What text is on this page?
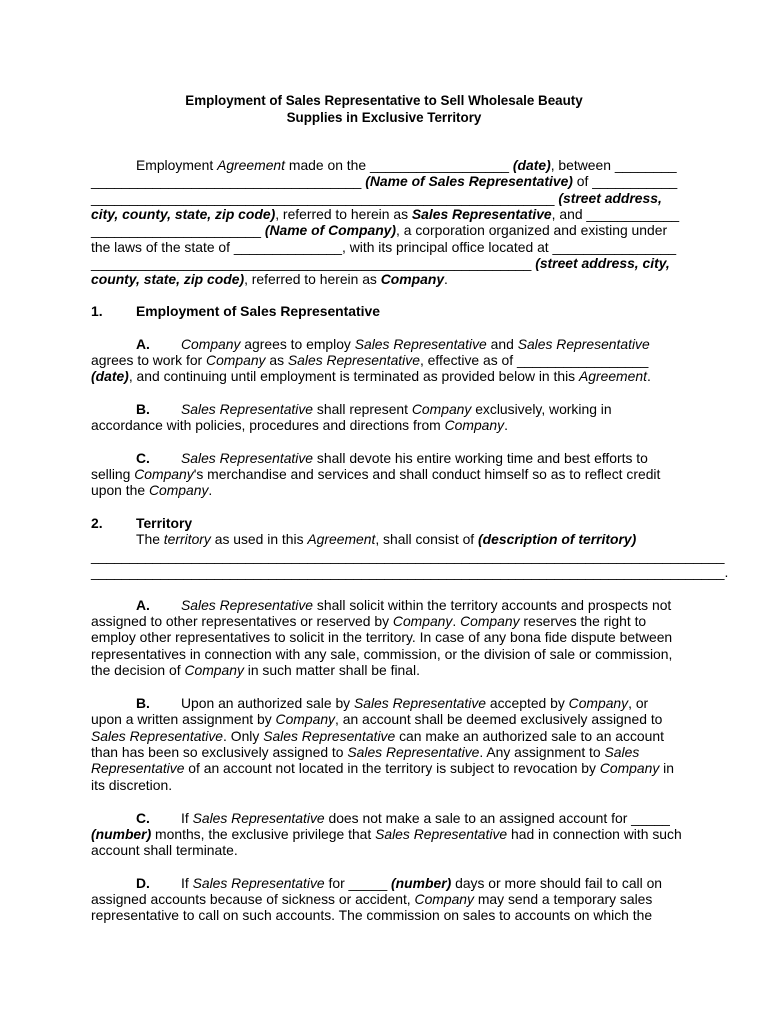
Employment of Sales Representative to Sell Wholesale Beauty
Supplies in Exclusive Territory
Employment Agreement made on the __________________ (date), between ________
___________________________________ (Name of Sales Representative) of ___________
____________________________________________________________ (street address,
city, county, state, zip code), referred to herein as Sales Representative, and ____________
______________________ (Name of Company), a corporation organized and existing under
the laws of the state of ______________, with its principal office located at ________________
_________________________________________________________ (street address, city,
county, state, zip code), referred to herein as Company.
1. Employment of Sales Representative
A. Company agrees to employ Sales Representative and Sales Representative
agrees to work for Company as Sales Representative, effective as of _________________
(date), and continuing until employment is terminated as provided below in this Agreement.
B. Sales Representative shall represent Company exclusively, working in
accordance with policies, procedures and directions from Company.
C. Sales Representative shall devote his entire working time and best efforts to
selling Company's merchandise and services and shall conduct himself so as to reflect credit
upon the Company.
2. Territory
The territory as used in this Agreement, shall consist of (description of territory)
__________________________________________________________________________________
__________________________________________________________________________________.
A. Sales Representative shall solicit within the territory accounts and prospects not
assigned to other representatives or reserved by Company. Company reserves the right to
employ other representatives to solicit in the territory. In case of any bona fide dispute between
representatives in connection with any sale, commission, or the division of sale or commission,
the decision of Company in such matter shall be final.
B. Upon an authorized sale by Sales Representative accepted by Company, or
upon a written assignment by Company, an account shall be deemed exclusively assigned to
Sales Representative. Only Sales Representative can make an authorized sale to an account
than has been so exclusively assigned to Sales Representative. Any assignment to Sales
Representative of an account not located in the territory is subject to revocation by Company in
its discretion.
C. If Sales Representative does not make a sale to an assigned account for _____
(number) months, the exclusive privilege that Sales Representative had in connection with such
account shall terminate.
D. If Sales Representative for _____ (number) days or more should fail to call on
assigned accounts because of sickness or accident, Company may send a temporary sales
representative to call on such accounts. The commission on sales to accounts on which the
